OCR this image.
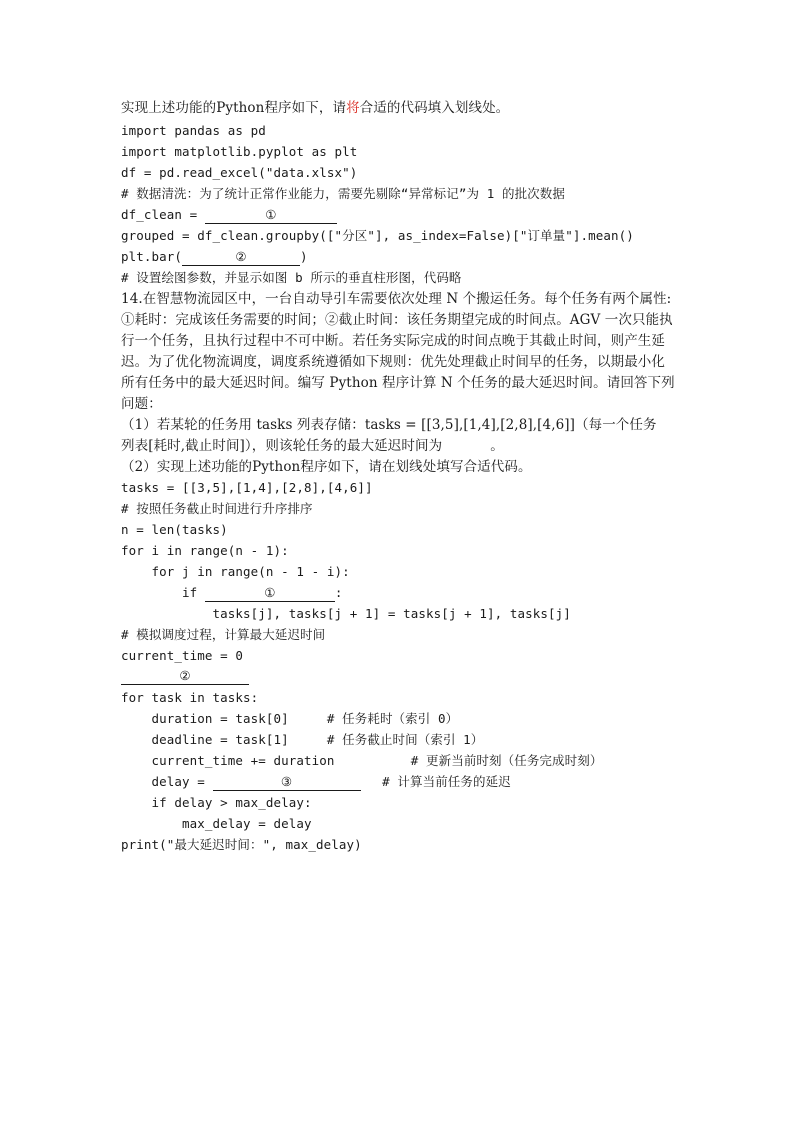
实现上述功能的Python程序如下，请将合适的代码填入划线处。
import pandas as pd
import matplotlib.pyplot as plt
df = pd.read_excel("data.xlsx")
# 数据清洗：为了统计正常作业能力，需要先剔除“异常标记”为 1 的批次数据
df_clean =	①
grouped = df_clean.groupby(["分区"], as_index=False)["订单量"].mean()
plt.bar(	②	)
# 设置绘图参数，并显示如图 b 所示的垂直柱形图，代码略
14.在智慧物流园区中，一台自动导引车需要依次处理 N 个搬运任务。每个任务有两个属性:
①耗时：完成该任务需要的时间；②截止时间：该任务期望完成的时间点。AGV 一次只能执
行一个任务，且执行过程中不可中断。若任务实际完成的时间点晚于其截止时间，则产生延
迟。为了优化物流调度，调度系统遵循如下规则：优先处理截止时间早的任务，以期最小化
所有任务中的最大延迟时间。编写 Python 程序计算 N 个任务的最大延迟时间。请回答下列
问题：
（1）若某轮的任务用 tasks 列表存储：tasks = [[3,5],[1,4],[2,8],[4,6]]（每一个任务
列表[耗时,截止时间]），则该轮任务的最大延迟时间为	。
（2）实现上述功能的Python程序如下，请在划线处填写合适代码。
tasks = [[3,5],[1,4],[2,8],[4,6]]
# 按照任务截止时间进行升序排序
n = len(tasks)
for i in range(n - 1):
for j in range(n - 1 - i):
if	①	:
tasks[j], tasks[j + 1] = tasks[j + 1], tasks[j]
# 模拟调度过程，计算最大延迟时间
current_time = 0
②
for task in tasks:
duration = task[0]     # 任务耗时（索引 0）
deadline = task[1]     # 任务截止时间（索引 1）
current_time += duration          # 更新当前时刻（任务完成时刻）
delay =	③	# 计算当前任务的延迟
if delay > max_delay:
max_delay = delay
print("最大延迟时间：", max_delay)
